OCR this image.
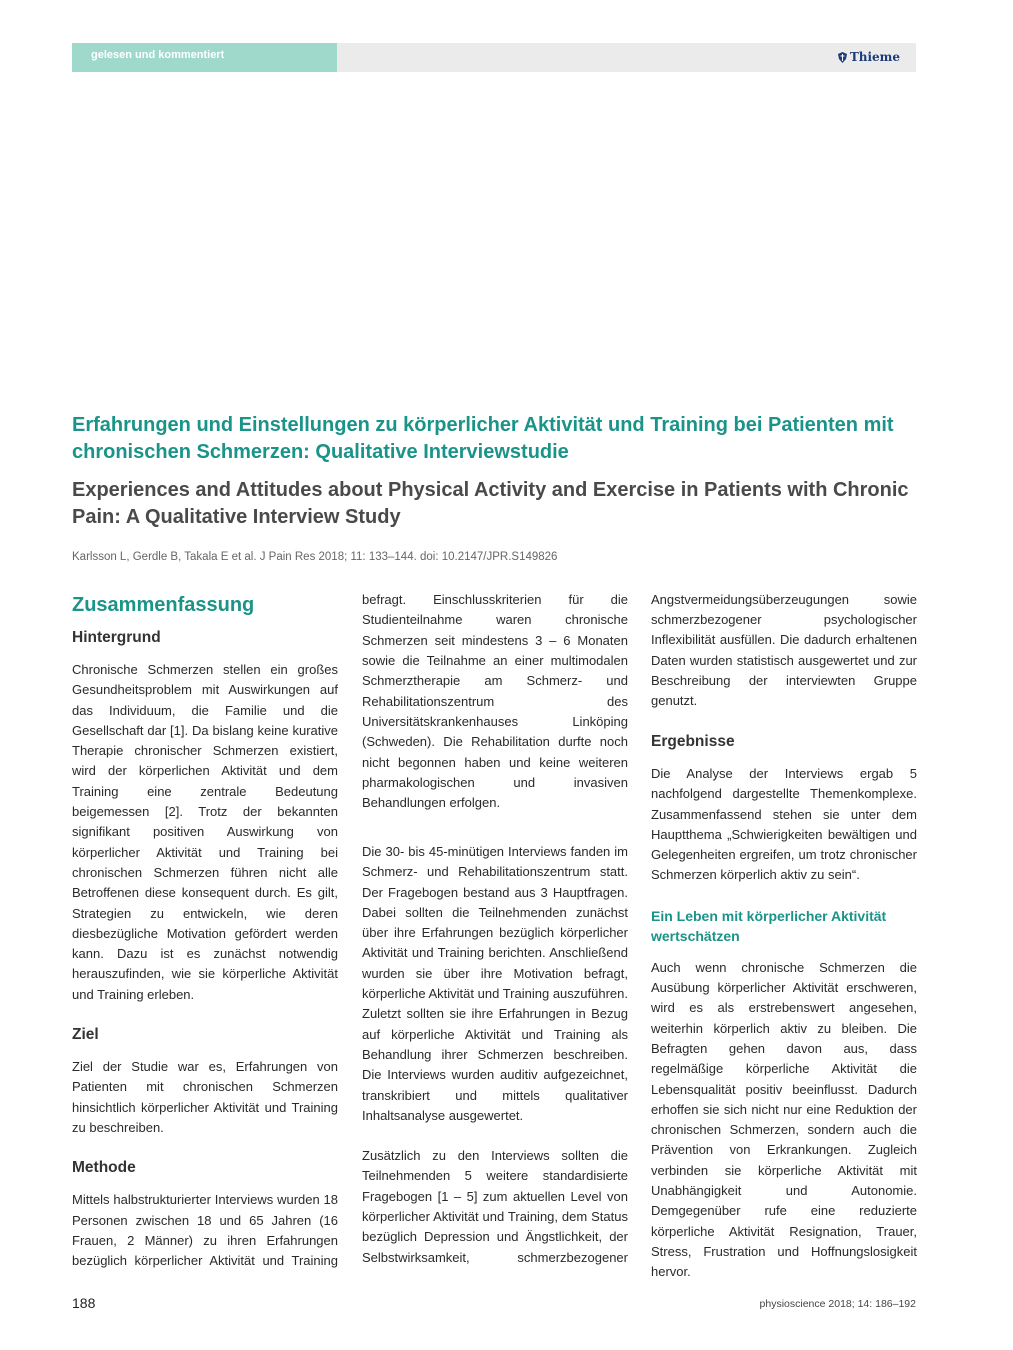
gelesen und kommentiert	Thieme
Erfahrungen und Einstellungen zu körperlicher Aktivität und Training bei Patienten mit chronischen Schmerzen: Qualitative Interviewstudie
Experiences and Attitudes about Physical Activity and Exercise in Patients with Chronic Pain: A Qualitative Interview Study
Karlsson L, Gerdle B, Takala E et al. J Pain Res 2018; 11: 133–144. doi: 10.2147/JPR.S149826
Zusammenfassung
Hintergrund

Chronische Schmerzen stellen ein großes Gesundheitsproblem mit Auswirkungen auf das Individuum, die Familie und die Gesellschaft dar [1]. Da bislang keine kurative Therapie chronischer Schmerzen existiert, wird der körperlichen Aktivität und dem Training eine zentrale Bedeutung beigemessen [2]. Trotz der bekannten signifikant positiven Auswirkung von körperlicher Aktivität und Training bei chronischen Schmerzen führen nicht alle Betroffenen diese konsequent durch. Es gilt, Strategien zu entwickeln, wie deren diesbezügliche Motivation gefördert werden kann. Dazu ist es zunächst notwendig herauszufinden, wie sie körperliche Aktivität und Training erleben.

Ziel

Ziel der Studie war es, Erfahrungen von Patienten mit chronischen Schmerzen hinsichtlich körperlicher Aktivität und Training zu beschreiben.

Methode

Mittels halbstrukturierter Interviews wurden 18 Personen zwischen 18 und 65 Jahren (16 Frauen, 2 Männer) zu ihren Erfahrungen bezüglich körperlicher Aktivität und Training

befragt. Einschlusskriterien für die Studienteilnahme waren chronische Schmerzen seit mindestens 3 – 6 Monaten sowie die Teilnahme an einer multimodalen Schmerztherapie am Schmerz- und Rehabilitationszentrum des Universitätskrankenhauses Linköping (Schweden). Die Rehabilitation durfte noch nicht begonnen haben und keine weiteren pharmakologischen und invasiven Behandlungen erfolgen.

Die 30- bis 45-minütigen Interviews fanden im Schmerz- und Rehabilitationszentrum statt. Der Fragebogen bestand aus 3 Hauptfragen. Dabei sollten die Teilnehmenden zunächst über ihre Erfahrungen bezüglich körperlicher Aktivität und Training berichten. Anschließend wurden sie über ihre Motivation befragt, körperliche Aktivität und Training auszuführen. Zuletzt sollten sie ihre Erfahrungen in Bezug auf körperliche Aktivität und Training als Behandlung ihrer Schmerzen beschreiben. Die Interviews wurden auditiv aufgezeichnet, transkribiert und mittels qualitativer Inhaltsanalyse ausgewertet.

Zusätzlich zu den Interviews sollten die Teilnehmenden 5 weitere standardisierte Fragebogen [1 – 5] zum aktuellen Level von körperlicher Aktivität und Training, dem Status bezüglich Depression und Ängstlichkeit, der Selbstwirksamkeit, schmerzbezogener

Angstvermeidungsüberzeugungen sowie schmerzbezogener psychologischer Inflexibilität ausfüllen. Die dadurch erhaltenen Daten wurden statistisch ausgewertet und zur Beschreibung der interviewten Gruppe genutzt.

Ergebnisse

Die Analyse der Interviews ergab 5 nachfolgend dargestellte Themenkomplexe. Zusammenfassend stehen sie unter dem Hauptthema „Schwierigkeiten bewältigen und Gelegenheiten ergreifen, um trotz chronischer Schmerzen körperlich aktiv zu sein“.

Ein Leben mit körperlicher Aktivität wertschätzen

Auch wenn chronische Schmerzen die Ausübung körperlicher Aktivität erschweren, wird es als erstrebenswert angesehen, weiterhin körperlich aktiv zu bleiben. Die Befragten gehen davon aus, dass regelmäßige körperliche Aktivität die Lebensqualität positiv beeinflusst. Dadurch erhoffen sie sich nicht nur eine Reduktion der chronischen Schmerzen, sondern auch die Prävention von Erkrankungen. Zugleich verbinden sie körperliche Aktivität mit Unabhängigkeit und Autonomie. Demgegenüber rufe eine reduzierte körperliche Aktivität Resignation, Trauer, Stress, Frustration und Hoffnungslosigkeit hervor.

188	physioscience 2018; 14: 186–192
